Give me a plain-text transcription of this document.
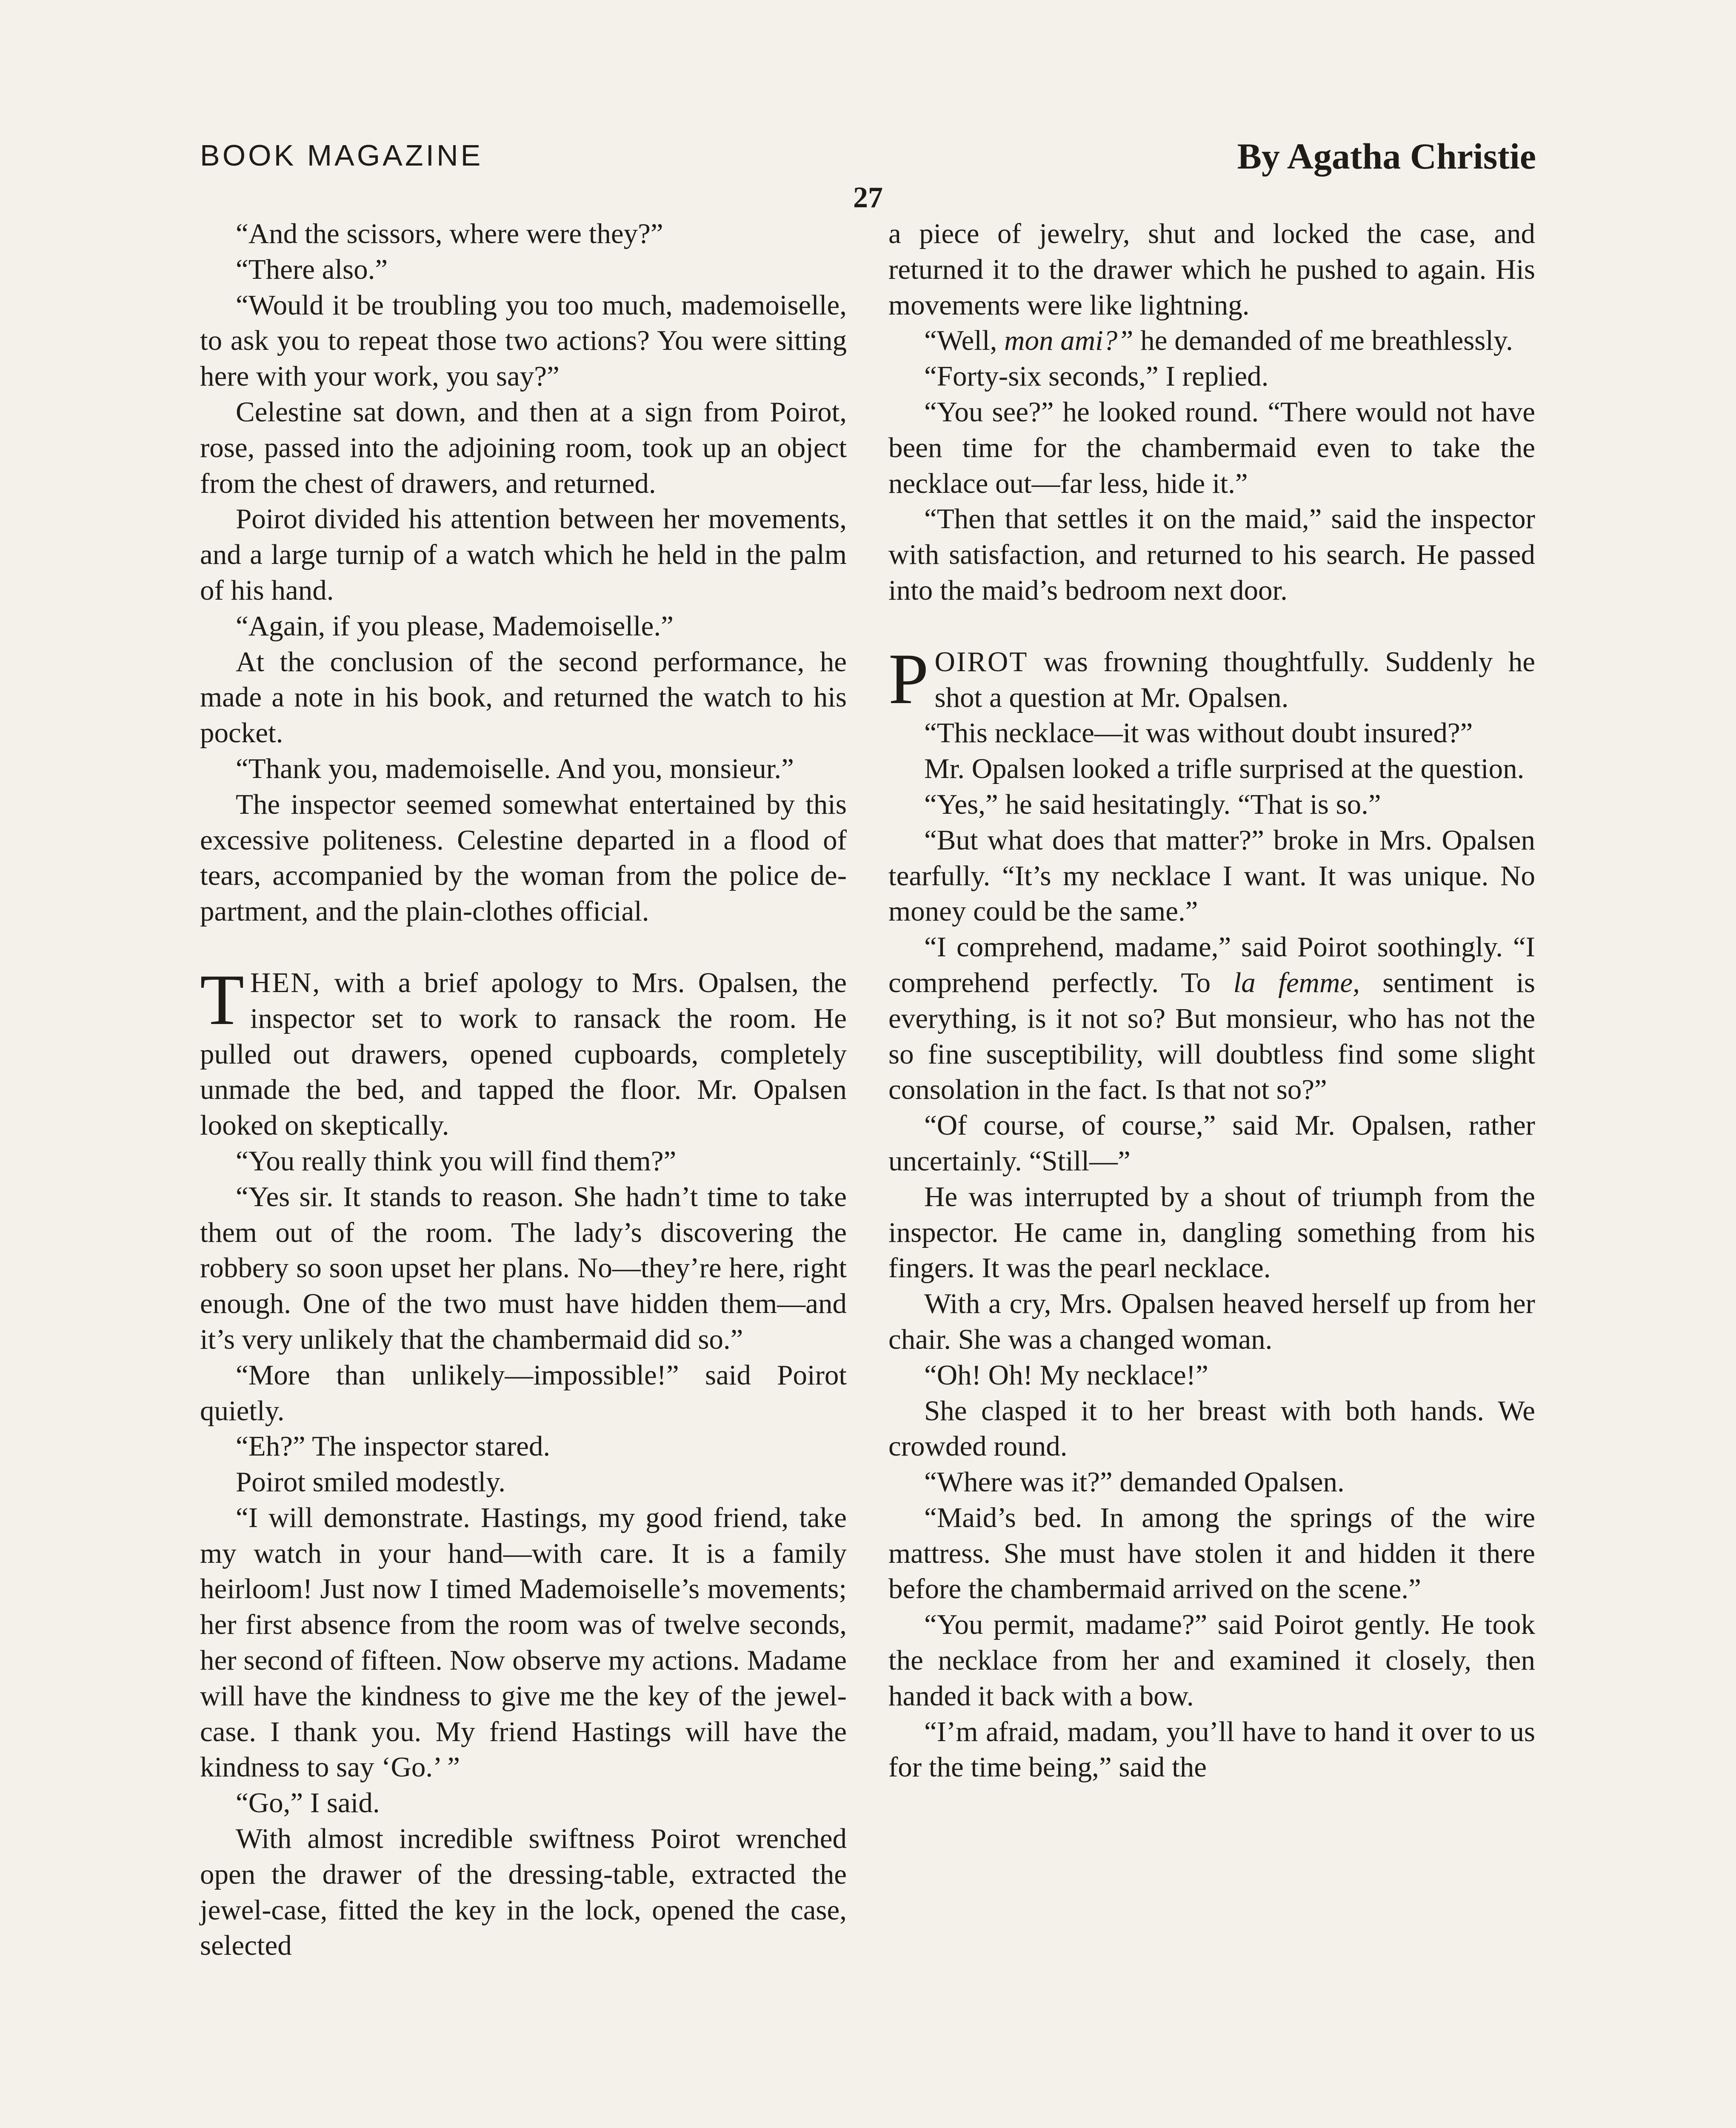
BOOK MAGAZINE	By Agatha Christie
27

“And the scissors, where were they?”

“There also.”

“Would it be troubling you too much, mademoiselle, to ask you to repeat those two actions? You were sitting here with your work, you say?”

Celestine sat down, and then at a sign from Poirot, rose, passed into the adjoining room, took up an object from the chest of drawers, and returned.

Poirot divided his attention between her movements, and a large turnip of a watch which he held in the palm of his hand.

“Again, if you please, Mademoiselle.”

At the conclusion of the second performance, he made a note in his book, and returned the watch to his pocket.

“Thank you, mademoiselle. And you, monsieur.”

The inspector seemed somewhat entertained by this excessive politeness. Celestine departed in a flood of tears, accompanied by the woman from the police department, and the plain-clothes official.

THEN, with a brief apology to Mrs. Opalsen, the inspector set to work to ransack the room. He pulled out drawers, opened cupboards, completely unmade the bed, and tapped the floor. Mr. Opalsen looked on skeptically.

“You really think you will find them?”

“Yes sir. It stands to reason. She hadn’t time to take them out of the room. The lady’s discovering the robbery so soon upset her plans. No—they’re here, right enough. One of the two must have hidden them—and it’s very unlikely that the chambermaid did so.”

“More than unlikely—impossible!” said Poirot quietly.

“Eh?” The inspector stared.

Poirot smiled modestly.

“I will demonstrate. Hastings, my good friend, take my watch in your hand—with care. It is a family heirloom! Just now I timed Mademoiselle’s movements; her first absence from the room was of twelve seconds, her second of fifteen. Now observe my actions. Madame will have the kindness to give me the key of the jewel-case. I thank you. My friend Hastings will have the kindness to say ‘Go.’ ”

“Go,” I said.

With almost incredible swiftness Poirot wrenched open the drawer of the dressing-table, extracted the jewel-case, fitted the key in the lock, opened the case, selected

a piece of jewelry, shut and locked the case, and returned it to the drawer which he pushed to again. His movements were like lightning.

“Well, mon ami?” he demanded of me breathlessly.

“Forty-six seconds,” I replied.

“You see?” he looked round. “There would not have been time for the chambermaid even to take the necklace out—far less, hide it.”

“Then that settles it on the maid,” said the inspector with satisfaction, and returned to his search. He passed into the maid’s bedroom next door.

POIROT was frowning thoughtfully. Suddenly he shot a question at Mr. Opalsen.

“This necklace—it was without doubt insured?”

Mr. Opalsen looked a trifle surprised at the question.

“Yes,” he said hesitatingly. “That is so.”

“But what does that matter?” broke in Mrs. Opalsen tearfully. “It’s my necklace I want. It was unique. No money could be the same.”

“I comprehend, madame,” said Poirot soothingly. “I comprehend perfectly. To la femme, sentiment is everything, is it not so? But monsieur, who has not the so fine susceptibility, will doubtless find some slight consolation in the fact. Is that not so?”

“Of course, of course,” said Mr. Opalsen, rather uncertainly. “Still—”

He was interrupted by a shout of triumph from the inspector. He came in, dangling something from his fingers. It was the pearl necklace.

With a cry, Mrs. Opalsen heaved herself up from her chair. She was a changed woman.

“Oh! Oh! My necklace!”

She clasped it to her breast with both hands. We crowded round.

“Where was it?” demanded Opalsen.

“Maid’s bed. In among the springs of the wire mattress. She must have stolen it and hidden it there before the chambermaid arrived on the scene.”

“You permit, madame?” said Poirot gently. He took the necklace from her and examined it closely, then handed it back with a bow.

“I’m afraid, madam, you’ll have to hand it over to us for the time being,” said the
